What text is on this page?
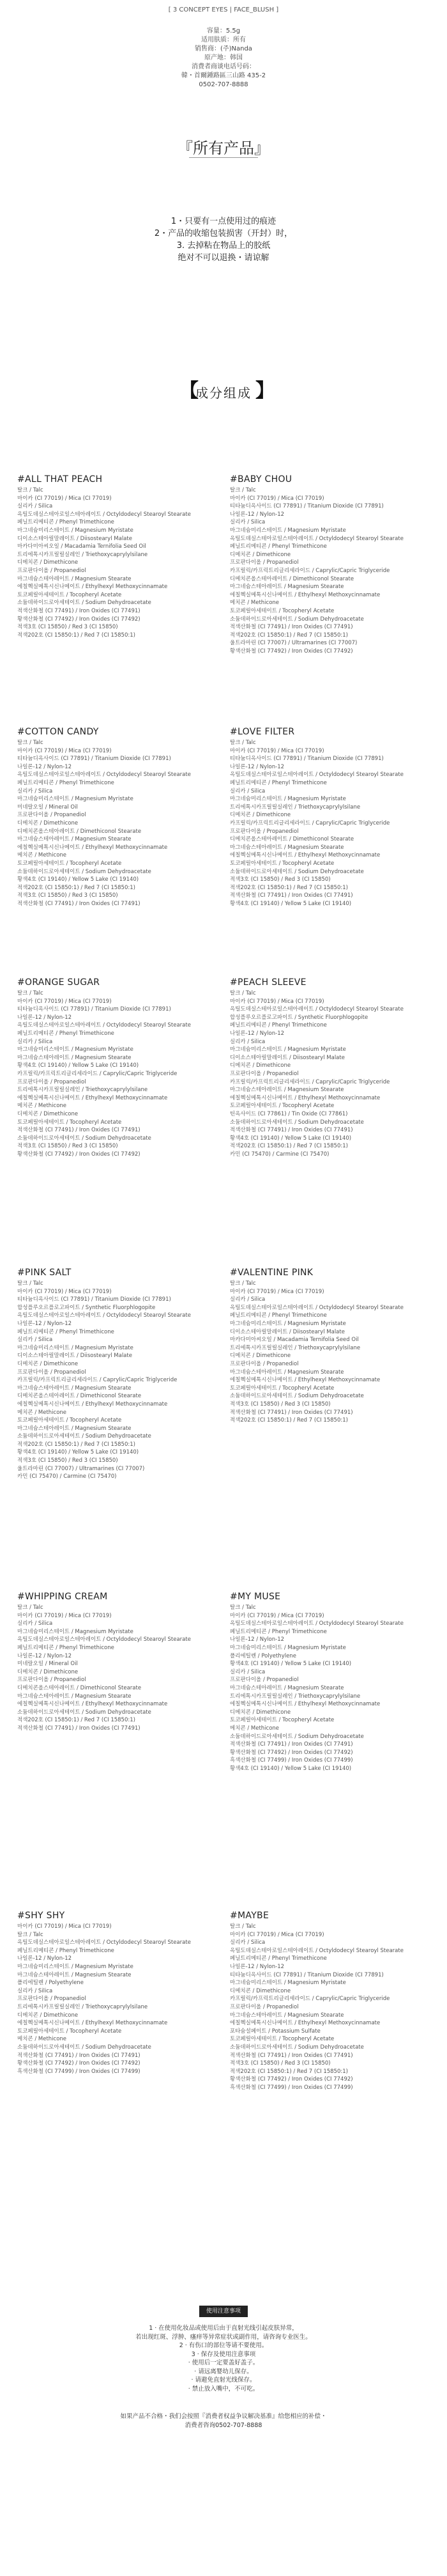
[ 3 CONCEPT EYES | FACE_BLUSH ]
容量：5.5g
适用肤质：所有
销售商：(주)Nanda
原产地：韩国
消费者商谈电话号码：
韓・首爾鍾路區三山路 435-2
0502-707-8888
『所有产品』
1・只要有一点使用过的痕迹
2・产品的收缩包装损害（开封）时，
3. 去掉粘在物品上的胶纸
绝对不可以退换・请谅解
【
成分组成 】
#ALL THAT PEACH
탈크 / Talc
마이카 (CI 77019) / Mica (CI 77019)
실리카 / Silica
옥틸도데실스테아로일스테아레이트 / Octyldodecyl Stearoyl Stearate
페닐트리메티콘 / Phenyl Trimethicone
마그네슘미리스테이트 / Magnesium Myristate
디이소스테아릴말레이트 / Diisostearyl Malate
마카다미아씨오일 / Macadamia Ternifolia Seed Oil
트리에톡시카프릴릴실레인 / Triethoxycaprylylsilane
디메치콘 / Dimethicone
프로판다이올 / Propanediol
마그네슘스테아레이트 / Magnesium Stearate
에칠헥실메톡시신나메이트 / Ethylhexyl Methoxycinnamate
토코페릴아세테이트 / Tocopheryl Acetate
소듐데하이드로아세테이트 / Sodium Dehydroacetate
적색산화철 (CI 77491) / Iron Oxides (CI 77491)
황색산화철 (CI 77492) / Iron Oxides (CI 77492)
적색3호 (CI 15850) / Red 3 (CI 15850)
적색202호 (CI 15850:1) / Red 7 (CI 15850:1)
#BABY CHOU
탈크 / Talc
마이카 (CI 77019) / Mica (CI 77019)
티타늄디옥사이드 (CI 77891) / Titanium Dioxide (CI 77891)
나일론-12 / Nylon-12
실리카 / Silica
마그네슘미리스테이트 / Magnesium Myristate
옥틸도데실스테아로일스테아레이트 / Octyldodecyl Stearoyl Stearate
페닐트리메티콘 / Phenyl Trimethicone
디메치콘 / Dimethicone
프로판다이올 / Propanediol
카프릴릭/카프릭트리글리세라이드 / Caprylic/Capric Triglyceride
디메치콘올스테아레이트 / Dimethiconol Stearate
마그네슘스테아레이트 / Magnesium Stearate
에칠헥실메톡시신나메이트 / Ethylhexyl Methoxycinnamate
메치콘 / Methicone
토코페릴아세테이트 / Tocopheryl Acetate
소듐데하이드로아세테이트 / Sodium Dehydroacetate
적색산화철 (CI 77491) / Iron Oxides (CI 77491)
적색202호 (CI 15850:1) / Red 7 (CI 15850:1)
울트라마린 (CI 77007) / Ultramarines (CI 77007)
황색산화철 (CI 77492) / Iron Oxides (CI 77492)
#COTTON CANDY
탈크 / Talc
마이카 (CI 77019) / Mica (CI 77019)
티타늄디옥사이드 (CI 77891) / Titanium Dioxide (CI 77891)
나일론-12 / Nylon-12
옥틸도데실스테아로일스테아레이트 / Octyldodecyl Stearoyl Stearate
페닐트리메티콘 / Phenyl Trimethicone
실리카 / Silica
마그네슘미리스테이트 / Magnesium Myristate
미네랄오일 / Mineral Oil
프로판다이올 / Propanediol
디메치콘 / Dimethicone
디메치콘올스테아레이트 / Dimethiconol Stearate
마그네슘스테아레이트 / Magnesium Stearate
에칠헥실메톡시신나메이트 / Ethylhexyl Methoxycinnamate
메치콘 / Methicone
토코페릴아세테이트 / Tocopheryl Acetate
소듐데하이드로아세테이트 / Sodium Dehydroacetate
황색4호 (CI 19140) / Yellow 5 Lake (CI 19140)
적색202호 (CI 15850:1) / Red 7 (CI 15850:1)
적색3호 (CI 15850) / Red 3 (CI 15850)
적색산화철 (CI 77491) / Iron Oxides (CI 77491)
#LOVE FILTER
탈크 / Talc
마이카 (CI 77019) / Mica (CI 77019)
티타늄디옥사이드 (CI 77891) / Titanium Dioxide (CI 77891)
나일론-12 / Nylon-12
옥틸도데실스테아로일스테아레이트 / Octyldodecyl Stearoyl Stearate
페닐트리메티콘 / Phenyl Trimethicone
실리카 / Silica
마그네슘미리스테이트 / Magnesium Myristate
트리에톡시카프릴릴실레인 / Triethoxycaprylylsilane
디메치콘 / Dimethicone
카프릴릭/카프릭트리글리세라이드 / Caprylic/Capric Triglyceride
프로판다이올 / Propanediol
디메치콘올스테아레이트 / Dimethiconol Stearate
마그네슘스테아레이트 / Magnesium Stearate
에칠헥실메톡시신나메이트 / Ethylhexyl Methoxycinnamate
토코페릴아세테이트 / Tocopheryl Acetate
소듐데하이드로아세테이트 / Sodium Dehydroacetate
적색3호 (CI 15850) / Red 3 (CI 15850)
적색202호 (CI 15850:1) / Red 7 (CI 15850:1)
적색산화철 (CI 77491) / Iron Oxides (CI 77491)
황색4호 (CI 19140) / Yellow 5 Lake (CI 19140)
#ORANGE SUGAR
탈크 / Talc
마이카 (CI 77019) / Mica (CI 77019)
티타늄디옥사이드 (CI 77891) / Titanium Dioxide (CI 77891)
나일론-12 / Nylon-12
옥틸도데실스테아로일스테아레이트 / Octyldodecyl Stearoyl Stearate
페닐트리메티콘 / Phenyl Trimethicone
실리카 / Silica
마그네슘미리스테이트 / Magnesium Myristate
마그네슘스테아레이트 / Magnesium Stearate
황색4호 (CI 19140) / Yellow 5 Lake (CI 19140)
카프릴릭/카프릭트리글리세라이드 / Caprylic/Capric Triglyceride
프로판다이올 / Propanediol
트리에톡시카프릴릴실레인 / Triethoxycaprylylsilane
에칠헥실메톡시신나메이트 / Ethylhexyl Methoxycinnamate
메치콘 / Methicone
디메치콘 / Dimethicone
토코페릴아세테이트 / Tocopheryl Acetate
적색산화철 (CI 77491) / Iron Oxides (CI 77491)
소듐데하이드로아세테이트 / Sodium Dehydroacetate
적색3호 (CI 15850) / Red 3 (CI 15850)
황색산화철 (CI 77492) / Iron Oxides (CI 77492)
#PEACH SLEEVE
탈크 / Talc
마이카 (CI 77019) / Mica (CI 77019)
옥틸도데실스테아로일스테아레이트 / Octyldodecyl Stearoyl Stearate
합성플루오르플로고파이트 / Synthetic Fluorphlogopite
페닐트리메티콘 / Phenyl Trimethicone
나일론-12 / Nylon-12
실리카 / Silica
마그네슘미리스테이트 / Magnesium Myristate
디이소스테아릴말레이트 / Diisostearyl Malate
디메치콘 / Dimethicone
프로판다이올 / Propanediol
카프릴릭/카프릭트리글리세라이드 / Caprylic/Capric Triglyceride
마그네슘스테아레이트 / Magnesium Stearate
에칠헥실메톡시신나메이트 / Ethylhexyl Methoxycinnamate
토코페릴아세테이트 / Tocopheryl Acetate
틴옥사이드 (CI 77861) / Tin Oxide (CI 77861)
소듐데하이드로아세테이트 / Sodium Dehydroacetate
적색산화철 (CI 77491) / Iron Oxides (CI 77491)
황색4호 (CI 19140) / Yellow 5 Lake (CI 19140)
적색202호 (CI 15850:1) / Red 7 (CI 15850:1)
카민 (CI 75470) / Carmine (CI 75470)
#PINK SALT
탈크 / Talc
마이카 (CI 77019) / Mica (CI 77019)
티타늄디옥사이드 (CI 77891) / Titanium Dioxide (CI 77891)
합성플루오르플로고파이트 / Synthetic Fluorphlogopite
옥틸도데실스테아로일스테아레이트 / Octyldodecyl Stearoyl Stearate
나일론-12 / Nylon-12
페닐트리메티콘 / Phenyl Trimethicone
실리카 / Silica
마그네슘미리스테이트 / Magnesium Myristate
디이소스테아릴말레이트 / Diisostearyl Malate
디메치콘 / Dimethicone
프로판다이올 / Propanediol
카프릴릭/카프릭트리글리세라이드 / Caprylic/Capric Triglyceride
마그네슘스테아레이트 / Magnesium Stearate
디메치콘올스테아레이트 / Dimethiconol Stearate
에칠헥실메톡시신나메이트 / Ethylhexyl Methoxycinnamate
메치콘 / Methicone
토코페릴아세테이트 / Tocopheryl Acetate
마그네슘스테아레이트 / Magnesium Stearate
소듐데하이드로아세테이트 / Sodium Dehydroacetate
적색202호 (CI 15850:1) / Red 7 (CI 15850:1)
황색4호 (CI 19140) / Yellow 5 Lake (CI 19140)
적색3호 (CI 15850) / Red 3 (CI 15850)
울트라마린 (CI 77007) / Ultramarines (CI 77007)
카민 (CI 75470) / Carmine (CI 75470)
#VALENTINE PINK
탈크 / Talc
마이카 (CI 77019) / Mica (CI 77019)
실리카 / Silica
옥틸도데실스테아로일스테아레이트 / Octyldodecyl Stearoyl Stearate
페닐트리메티콘 / Phenyl Trimethicone
마그네슘미리스테이트 / Magnesium Myristate
디이소스테아릴말레이트 / Diisostearyl Malate
마카다미아씨오일 / Macadamia Ternifolia Seed Oil
트리에톡시카프릴릴실레인 / Triethoxycaprylylsilane
디메치콘 / Dimethicone
프로판다이올 / Propanediol
마그네슘스테아레이트 / Magnesium Stearate
에칠헥실메톡시신나메이트 / Ethylhexyl Methoxycinnamate
토코페릴아세테이트 / Tocopheryl Acetate
소듐데하이드로아세테이트 / Sodium Dehydroacetate
적색3호 (CI 15850) / Red 3 (CI 15850)
적색산화철 (CI 77491) / Iron Oxides (CI 77491)
적색202호 (CI 15850:1) / Red 7 (CI 15850:1)
#WHIPPING CREAM
탈크 / Talc
마이카 (CI 77019) / Mica (CI 77019)
실리카 / Silica
마그네슘미리스테이트 / Magnesium Myristate
옥틸도데실스테아로일스테아레이트 / Octyldodecyl Stearoyl Stearate
페닐트리메티콘 / Phenyl Trimethicone
나일론-12 / Nylon-12
미네랄오일 / Mineral Oil
디메치콘 / Dimethicone
프로판다이올 / Propanediol
디메치콘올스테아레이트 / Dimethiconol Stearate
마그네슘스테아레이트 / Magnesium Stearate
에칠헥실메톡시신나메이트 / Ethylhexyl Methoxycinnamate
소듐데하이드로아세테이트 / Sodium Dehydroacetate
적색202호 (CI 15850:1) / Red 7 (CI 15850:1)
적색산화철 (CI 77491) / Iron Oxides (CI 77491)
#MY MUSE
탈크 / Talc
마이카 (CI 77019) / Mica (CI 77019)
옥틸도데실스테아로일스테아레이트 / Octyldodecyl Stearoyl Stearate
페닐트리메티콘 / Phenyl Trimethicone
나일론-12 / Nylon-12
마그네슘미리스테이트 / Magnesium Myristate
폴리에틸렌 / Polyethylene
황색4호 (CI 19140) / Yellow 5 Lake (CI 19140)
실리카 / Silica
프로판다이올 / Propanediol
마그네슘스테아레이트 / Magnesium Stearate
트리에톡시카프릴릴실레인 / Triethoxycaprylylsilane
에칠헥실메톡시신나메이트 / Ethylhexyl Methoxycinnamate
디메치콘 / Dimethicone
토코페릴아세테이트 / Tocopheryl Acetate
메치콘 / Methicone
소듐데하이드로아세테이트 / Sodium Dehydroacetate
적색산화철 (CI 77491) / Iron Oxides (CI 77491)
황색산화철 (CI 77492) / Iron Oxides (CI 77492)
흑색산화철 (CI 77499) / Iron Oxides (CI 77499)
황색4호 (CI 19140) / Yellow 5 Lake (CI 19140)
#SHY SHY
마이카 (CI 77019) / Mica (CI 77019)
탈크 / Talc
옥틸도데실스테아로일스테아레이트 / Octyldodecyl Stearoyl Stearate
페닐트리메티콘 / Phenyl Trimethicone
나일론-12 / Nylon-12
마그네슘미리스테이트 / Magnesium Myristate
마그네슘스테아레이트 / Magnesium Stearate
폴리에틸렌 / Polyethylene
실리카 / Silica
프로판다이올 / Propanediol
트리에톡시카프릴릴실레인 / Triethoxycaprylylsilane
디메치콘 / Dimethicone
에칠헥실메톡시신나메이트 / Ethylhexyl Methoxycinnamate
토코페릴아세테이트 / Tocopheryl Acetate
메치콘 / Methicone
소듐데하이드로아세테이트 / Sodium Dehydroacetate
적색산화철 (CI 77491) / Iron Oxides (CI 77491)
황색산화철 (CI 77492) / Iron Oxides (CI 77492)
흑색산화철 (CI 77499) / Iron Oxides (CI 77499)
#MAYBE
탈크 / Talc
마이카 (CI 77019) / Mica (CI 77019)
실리카 / Silica
옥틸도데실스테아로일스테아레이트 / Octyldodecyl Stearoyl Stearate
페닐트리메티콘 / Phenyl Trimethicone
나일론-12 / Nylon-12
티타늄디옥사이드 (CI 77891) / Titanium Dioxide (CI 77891)
마그네슘미리스테이트 / Magnesium Myristate
디메치콘 / Dimethicone
카프릴릭/카프릭트리글리세라이드 / Caprylic/Capric Triglyceride
프로판다이올 / Propanediol
마그네슘스테아레이트 / Magnesium Stearate
에칠헥실메톡시신나메이트 / Ethylhexyl Methoxycinnamate
포타슘설페이트 / Potassium Sulfate
토코페릴아세테이트 / Tocopheryl Acetate
소듐데하이드로아세테이트 / Sodium Dehydroacetate
적색산화철 (CI 77491) / Iron Oxides (CI 77491)
적색3호 (CI 15850) / Red 3 (CI 15850)
적색202호 (CI 15850:1) / Red 7 (CI 15850:1)
황색산화철 (CI 77492) / Iron Oxides (CI 77492)
흑색산화철 (CI 77499) / Iron Oxides (CI 77499)
使用注意事项
1 · 在使用化妆品或使用后由于直射光线引起皮肤异常，
若出现红斑、浮肿、瘙痒等异常症状或副作用，请咨询专业医生。
2 · 有伤口的部位等请不要使用。
3 · 保存及使用注意事项
· 使用后一定要盖好盖子。
· 请远离婴幼儿保存。
· 请避免直射光线保存。
· 禁止放入嘴中，不可吃。
如果产品不合格・我们会按照『消费者权益争议解决基准』给您相应的补偿・
消费者咨询0502-707-8888
